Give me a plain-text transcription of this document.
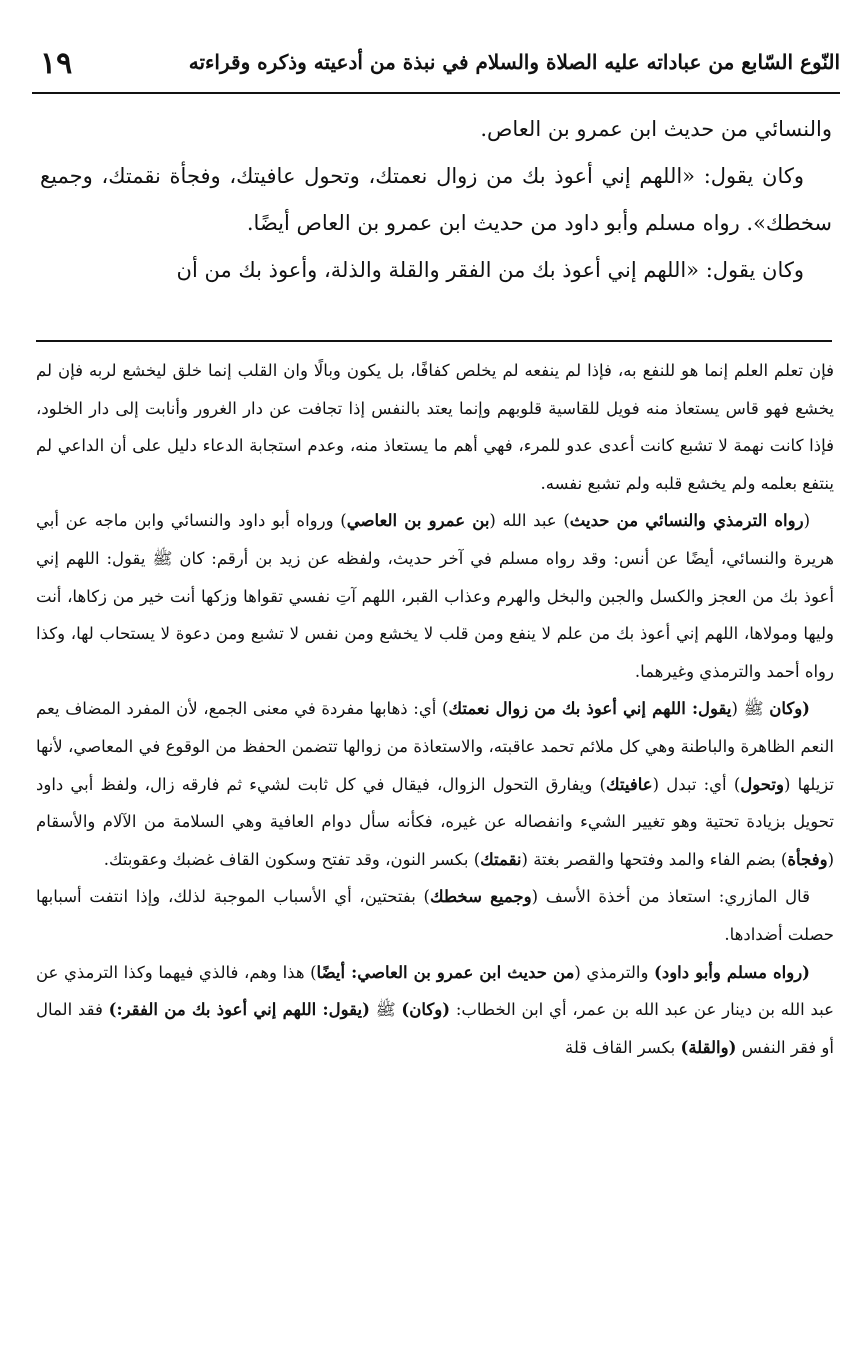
١٩	النّوع السّابع من عباداته عليه الصلاة والسلام في نبذة من أدعيته وذكره وقراءته

والنسائي من حديث ابن عمرو بن العاص.

وكان يقول: «اللهم إني أعوذ بك من زوال نعمتك، وتحول عافيتك، وفجأة نقمتك، وجميع سخطك». رواه مسلم وأبو داود من حديث ابن عمرو بن العاص أيضًا.

وكان يقول: «اللهم إني أعوذ بك من الفقر والقلة والذلة، وأعوذ بك من أن

فإن تعلم العلم إنما هو للنفع به، فإذا لم ينفعه لم يخلص كفافًا، بل يكون وبالًا وان القلب إنما خلق ليخشع لربه فإن لم يخشع فهو قاس يستعاذ منه فويل للقاسية قلوبهم وإنما يعتد بالنفس إذا تجافت عن دار الغرور وأنابت إلى دار الخلود، فإذا كانت نهمة لا تشبع كانت أعدى عدو للمرء، فهي أهم ما يستعاذ منه، وعدم استجابة الدعاء دليل على أن الداعي لم ينتفع بعلمه ولم يخشع قلبه ولم تشبع نفسه.

(رواه الترمذي والنسائي من حديث) عبد الله (بن عمرو بن العاصي) ورواه أبو داود والنسائي وابن ماجه عن أبي هريرة والنسائي، أيضًا عن أنس: وقد رواه مسلم في آخر حديث، ولفظه عن زيد بن أرقم: كان ﷺ يقول: اللهم إني أعوذ بك من العجز والكسل والجبن والبخل والهرم وعذاب القبر، اللهم آتِ نفسي تقواها وزكها أنت خير من زكاها، أنت وليها ومولاها، اللهم إني أعوذ بك من علم لا ينفع ومن قلب لا يخشع ومن نفس لا تشبع ومن دعوة لا يستحاب لها، وكذا رواه أحمد والترمذي وغيرهما.

(وكان ﷺ (يقول: اللهم إني أعوذ بك من زوال نعمتك) أي: ذهابها مفردة في معنى الجمع، لأن المفرد المضاف يعم النعم الظاهرة والباطنة وهي كل ملائم تحمد عاقبته، والاستعاذة من زوالها تتضمن الحفظ من الوقوع في المعاصي، لأنها تزيلها (وتحول) أي: تبدل (عافيتك) ويفارق التحول الزوال، فيقال في كل ثابت لشيء ثم فارقه زال، ولفظ أبي داود تحويل بزيادة تحتية وهو تغيير الشيء وانفصاله عن غيره، فكأنه سأل دوام العافية وهي السلامة من الآلام والأسقام (وفجأة) بضم الفاء والمد وفتحها والقصر بغتة (نقمتك) بكسر النون، وقد تفتح وسكون القاف غضبك وعقوبتك.

قال المازري: استعاذ من أخذة الأسف (وجميع سخطك) بفتحتين، أي الأسباب الموجبة لذلك، وإذا انتفت أسبابها حصلت أضدادها.

(رواه مسلم وأبو داود) والترمذي (من حديث ابن عمرو بن العاصي: أيضًا) هذا وهم، فالذي فيهما وكذا الترمذي عن عبد الله بن دينار عن عبد الله بن عمر، أي ابن الخطاب: (وكان) ﷺ (يقول: اللهم إني أعوذ بك من الفقر:) فقد المال أو فقر النفس (والقلة) بكسر القاف قلة
